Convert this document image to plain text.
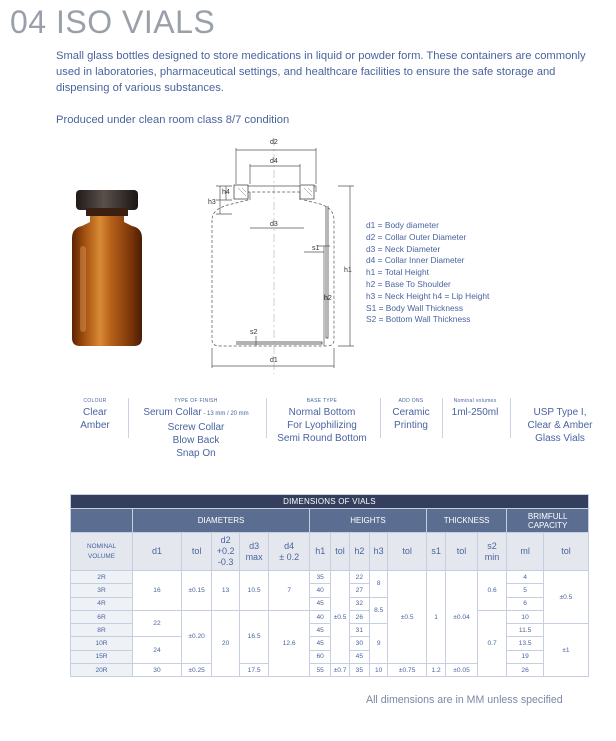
04 ISO VIALS
Small glass bottles designed to store medications in liquid or powder form. These containers are commonly used in laboratories, pharmaceutical settings, and healthcare facilities to ensure the safe storage and dispensing of various substances.
Produced under clean room class 8/7 condition
d2
d4
d3
d1
h1
h2
h3
h4
s1
s2
d1 = Body diameter
d2 = Collar Outer Diameter
d3 = Neck Diameter
d4 = Collar Inner Diameter
h1 = Total Height
h2 = Base To Shoulder
h3 = Neck Height h4 = Lip Height
S1 = Body Wall Thickness
S2 = Bottom Wall Thickness
COLOUR
Clear
Amber
TYPE OF FINISH
Serum Collar - 13 mm / 20 mm
Screw Collar
Blow Back
Snap On
BASE TYPE
Normal Bottom
For Lyophilizing
Semi Round Bottom
ADD ONS
Ceramic
Printing
Nominal volumes
1ml-250ml	USP Type I,
Clear & Amber
Glass Vials
DIMENSIONS OF VIALS															
	DIAMETERS					HEIGHTS					THICKNESS			BRIMFULL CAPACITY	
NOMINAL
VOLUME	d1	tol	d2
+0.2
-0.3	d3
max	d4
± 0.2	h1	tol	h2	h3	tol	s1	tol	s2
min	ml	tol
2R	16	±0.15	13	10.5	7	35	±0.5	22	8	±0.5	1	±0.04	0.6	4	±0.5
3R						40		27						5	
4R						45		32	8.5					6	
6R	22	±0.20	20	16.5	12.6	40		26					0.7	10	
8R						45		31	9					11.5	±1
10R	24					45		30						13.5	
15R						60		45						19	
20R	30	±0.25		17.5		55	±0.7	35	10	±0.75	1.2	±0.05		26	
All dimensions are in MM unless specified
